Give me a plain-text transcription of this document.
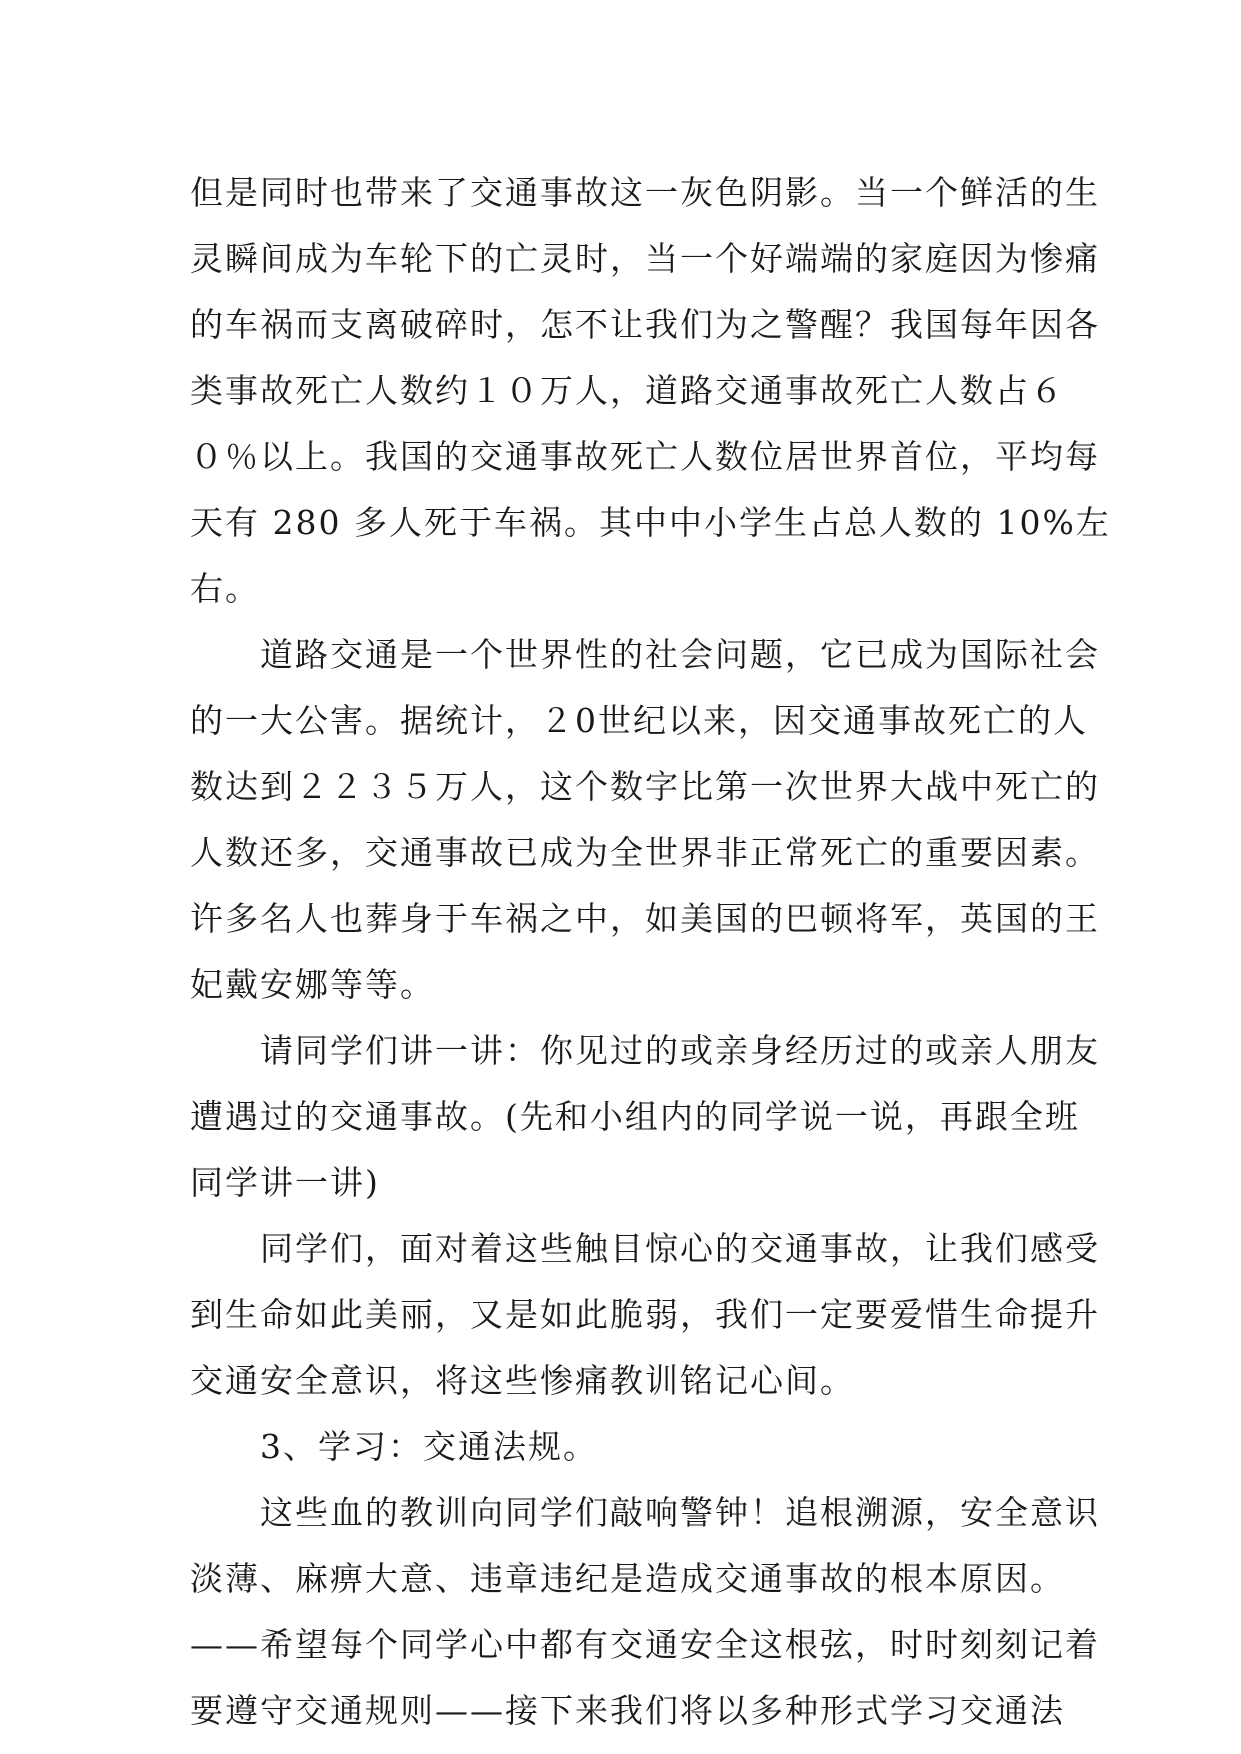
但是同时也带来了交通事故这一灰色阴影。当一个鲜活的生
灵瞬间成为车轮下的亡灵时，当一个好端端的家庭因为惨痛
的车祸而支离破碎时，怎不让我们为之警醒？我国每年因各
类事故死亡人数约１０万人，道路交通事故死亡人数占６
０％以上。我国的交通事故死亡人数位居世界首位，平均每
天有 280 多人死于车祸。其中中小学生占总人数的 10%左
右。
　　道路交通是一个世界性的社会问题，它已成为国际社会
的一大公害。据统计，２0世纪以来，因交通事故死亡的人
数达到２２３５万人，这个数字比第一次世界大战中死亡的
人数还多，交通事故已成为全世界非正常死亡的重要因素。
许多名人也葬身于车祸之中，如美国的巴顿将军，英国的王
妃戴安娜等等。
　　请同学们讲一讲：你见过的或亲身经历过的或亲人朋友
遭遇过的交通事故。(先和小组内的同学说一说，再跟全班
同学讲一讲)
　　同学们，面对着这些触目惊心的交通事故，让我们感受
到生命如此美丽，又是如此脆弱，我们一定要爱惜生命提升
交通安全意识，将这些惨痛教训铭记心间。
　　3、学习：交通法规。
　　这些血的教训向同学们敲响警钟！追根溯源，安全意识
淡薄、麻痹大意、违章违纪是造成交通事故的根本原因。
——希望每个同学心中都有交通安全这根弦，时时刻刻记着
要遵守交通规则——接下来我们将以多种形式学习交通法
